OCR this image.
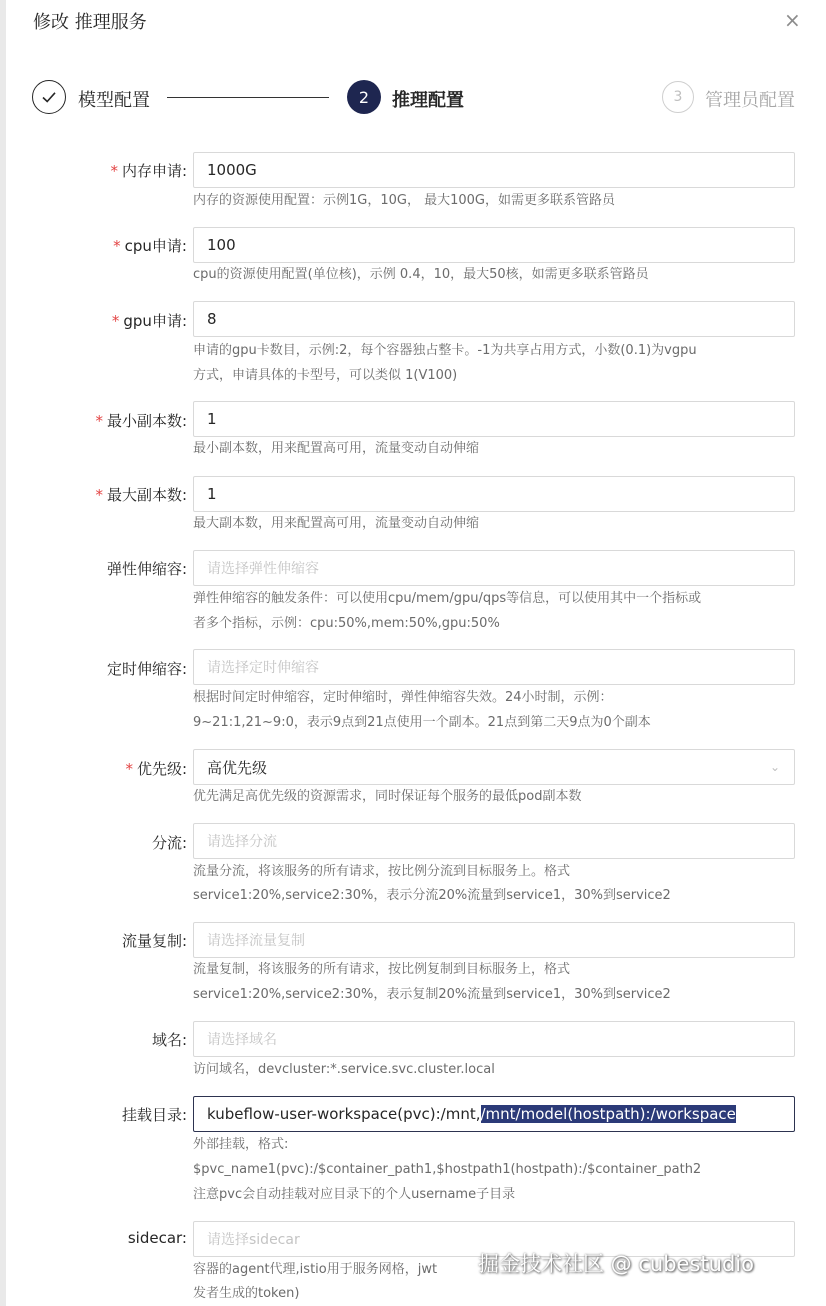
修改 推理服务	×
模型配置	2	推理配置	3	管理员配置
* 内存申请:	1000G
内存的资源使用配置：示例1G，10G， 最大100G，如需更多联系管路员
* cpu申请:	100
cpu的资源使用配置(单位核)，示例 0.4，10，最大50核，如需更多联系管路员
* gpu申请:	8
申请的gpu卡数目，示例:2，每个容器独占整卡。-1为共享占用方式，小数(0.1)为vgpu
方式，申请具体的卡型号，可以类似 1(V100)
* 最小副本数:	1
最小副本数，用来配置高可用，流量变动自动伸缩
* 最大副本数:	1
最大副本数，用来配置高可用，流量变动自动伸缩
弹性伸缩容:	请选择弹性伸缩容
弹性伸缩容的触发条件：可以使用cpu/mem/gpu/qps等信息，可以使用其中一个指标或
者多个指标，示例：cpu:50%,mem:50%,gpu:50%
定时伸缩容:	请选择定时伸缩容
根据时间定时伸缩容，定时伸缩时，弹性伸缩容失效。24小时制，示例：
9~21:1,21~9:0，表示9点到21点使用一个副本。21点到第二天9点为0个副本
* 优先级: 高优先级	⌄
优先满足高优先级的资源需求，同时保证每个服务的最低pod副本数
分流:	请选择分流
流量分流，将该服务的所有请求，按比例分流到目标服务上。格式
service1:20%,service2:30%，表示分流20%流量到service1，30%到service2
流量复制:	请选择流量复制
流量复制，将该服务的所有请求，按比例复制到目标服务上，格式
service1:20%,service2:30%，表示复制20%流量到service1，30%到service2
域名:	请选择域名
访问域名，devcluster:*.service.svc.cluster.local
挂载目录: kubeflow-user-workspace(pvc):/mnt, /mnt/model(hostpath):/workspace
外部挂载，格式:
$pvc_name1(pvc):/$container_path1,$hostpath1(hostpath):/$container_path2
注意pvc会自动挂载对应目录下的个人username子目录
sidecar:	请选择sidecar
容器的agent代理,istio用于服务网格，jwt
发者生成的token)
掘金技术社区 @ cubestudio
